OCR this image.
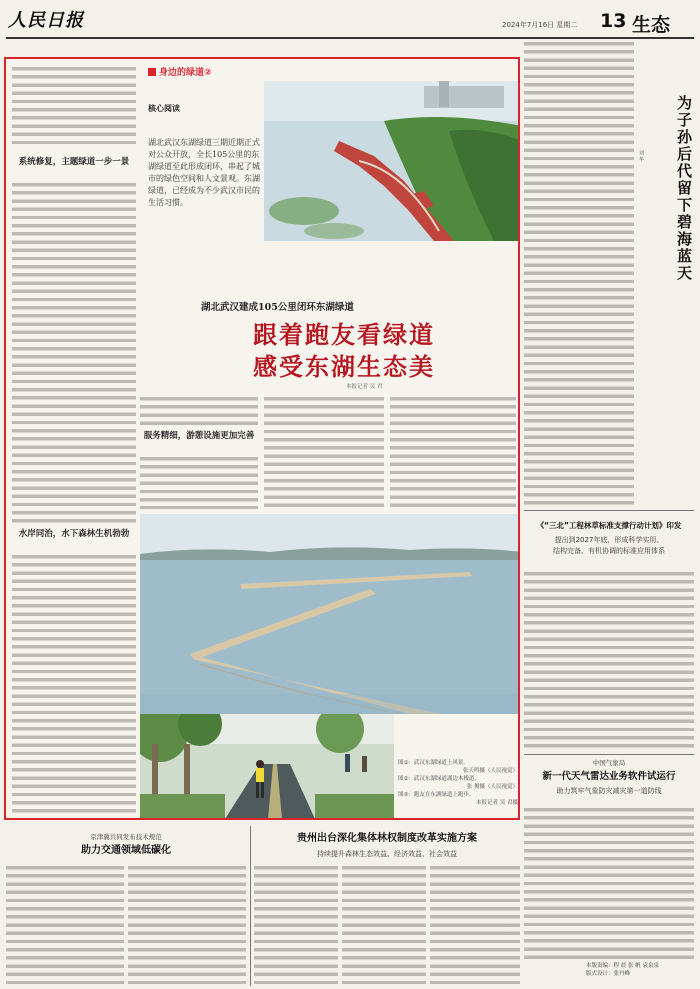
人民日报	2024年7月16日 星期二 13 生态
系统修复，主题绿道一步一景
水岸同治，水下森林生机勃勃
身边的绿道②
核心阅读
湖北武汉东湖绿道三期近期正式对公众开放，全长105公里的东湖绿道至此形成闭环，串起了城市的绿色空间和人文景观。东湖绿道，已经成为不少武汉市民的生活习惯。
湖北武汉建成105公里闭环东湖绿道
跟着跑友看绿道
感受东湖生态美
本报记者 吴 君
服务精细，游憩设施更加完善
图①：武汉东湖绿道上风景。
张天鸣摄（人民视觉）
图②：武汉东湖绿道湖边木栈道。
张 俊摄（人民视觉）
图③：跑友在东湖绿道上跑步。
本报记者 吴 君摄
为子孙后代留下碧海蓝天
刘 华
《“三北”工程林草标准支撑行动计划》印发
提出到2027年底，形成科学实用、
结构完备、有机协调的标准应用体系
中国气象局
新一代天气雷达业务软件试运行
助力筑牢气象防灾减灾第一道防线
京津冀共同发布技术规范
助力交通领域低碳化
贵州出台深化集体林权制度改革实施方案
持续提升森林生态效益、经济效益、社会效益
本版责编：程 晨 张 帆 袁泉泉
版式设计：张丹峰
